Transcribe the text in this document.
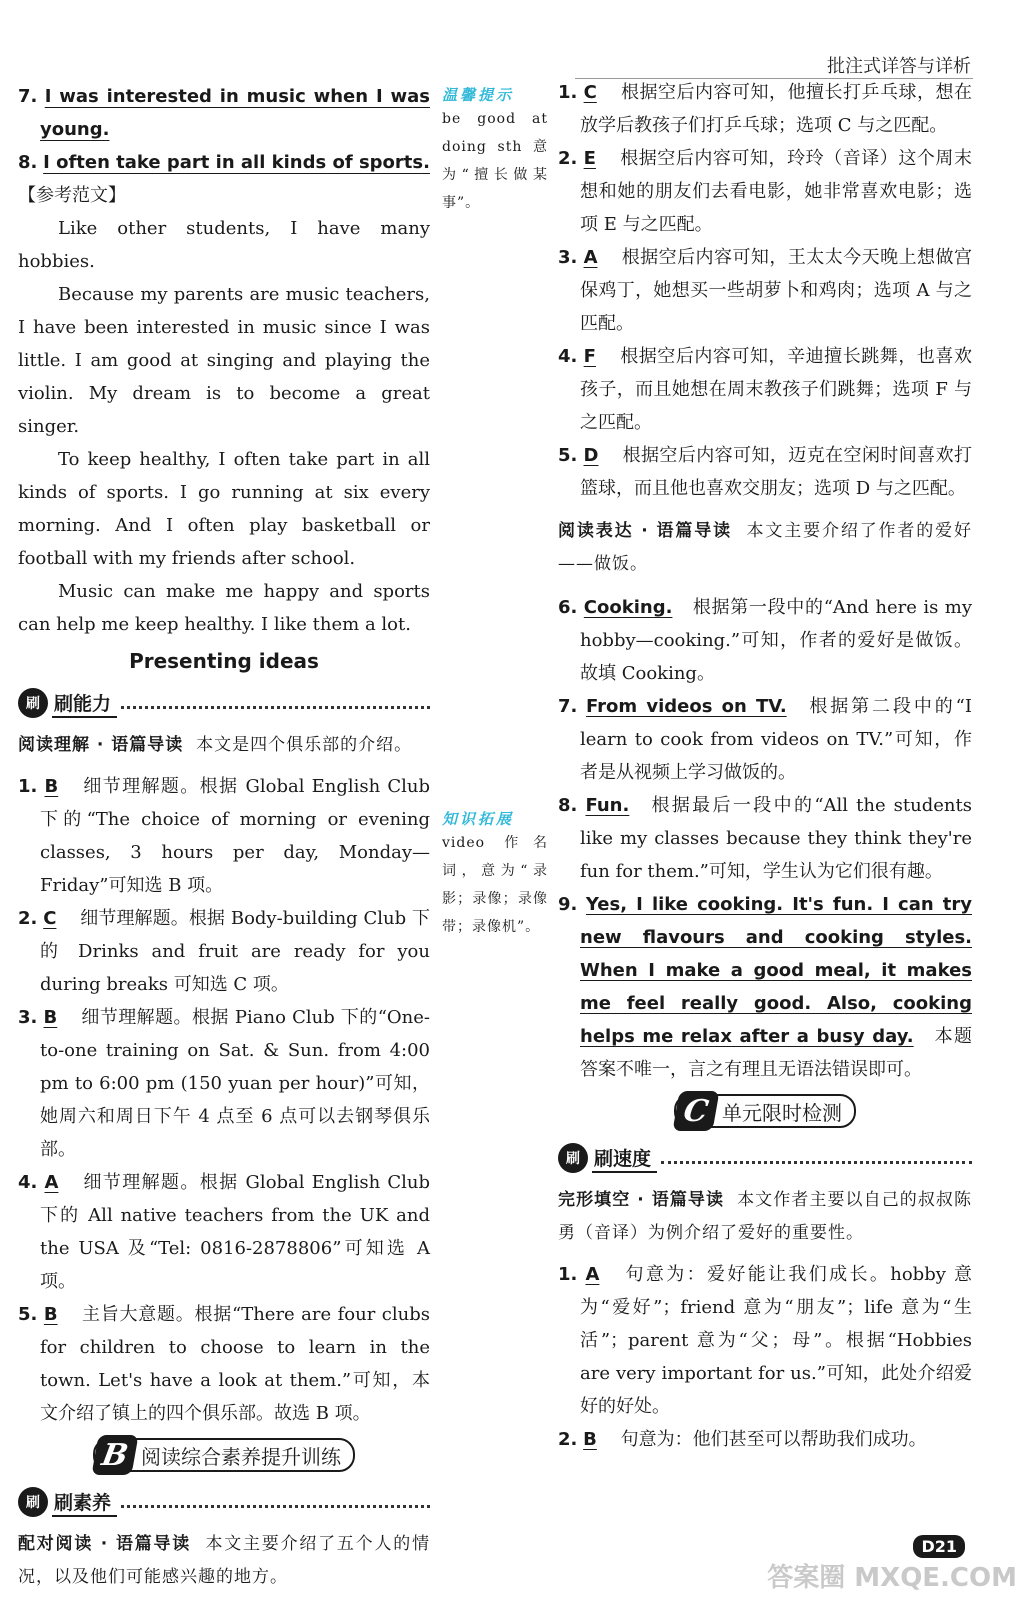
批注式详答与详析
7. I was interested in music when I was young.
8. I often take part in all kinds of sports.

【参考范文】

Like other students, I have many hobbies.

Because my parents are music teachers, I have been interested in music since I was little. I am good at singing and playing the violin. My dream is to become a great singer.

To keep healthy, I often take part in all kinds of sports. I go running at six every morning. And I often play basketball or football with my friends after school.

Music can make me happy and sports can help me keep healthy. I like them a lot.

Presenting ideas
刷 刷能力

阅读理解 · 语篇导读 本文是四个俱乐部的介绍。

1. B 细节理解题。根据 Global English Club 下的“The choice of morning or evening classes, 3 hours per day, Monday—Friday”可知选 B 项。
2. C 细节理解题。根据 Body-building Club 下的 Drinks and fruit are ready for you during breaks 可知选 C 项。
3. B 细节理解题。根据 Piano Club 下的“One-to-one training on Sat. & Sun. from 4:00 pm to 6:00 pm (150 yuan per hour)”可知，她周六和周日下午 4 点至 6 点可以去钢琴俱乐部。
4. A 细节理解题。根据 Global English Club 下的 All native teachers from the UK and the USA 及“Tel: 0816-2878806”可知选 A 项。
5. B 主旨大意题。根据“There are four clubs for children to choose to learn in the town. Let's have a look at them.”可知，本文介绍了镇上的四个俱乐部。故选 B 项。
B 阅读综合素养提升训练
刷 刷素养

配对阅读 · 语篇导读 本文主要介绍了五个人的情况，以及他们可能感兴趣的地方。

温馨提示
be good at doing sth 意为“擅长做某事”。
知识拓展
video 作名词，意为“录影；录像；录像带；录像机”。
1. C 根据空后内容可知，他擅长打乒乓球，想在放学后教孩子们打乒乓球；选项 C 与之匹配。
2. E 根据空后内容可知，玲玲（音译）这个周末想和她的朋友们去看电影，她非常喜欢电影；选项 E 与之匹配。
3. A 根据空后内容可知，王太太今天晚上想做宫保鸡丁，她想买一些胡萝卜和鸡肉；选项 A 与之匹配。
4. F 根据空后内容可知，辛迪擅长跳舞，也喜欢孩子，而且她想在周末教孩子们跳舞；选项 F 与之匹配。
5. D 根据空后内容可知，迈克在空闲时间喜欢打篮球，而且他也喜欢交朋友；选项 D 与之匹配。

阅读表达 · 语篇导读 本文主要介绍了作者的爱好——做饭。

6. Cooking. 根据第一段中的“And here is my hobby—cooking.”可知，作者的爱好是做饭。故填 Cooking。
7. From videos on TV. 根据第二段中的“I learn to cook from videos on TV.”可知，作者是从视频上学习做饭的。
8. Fun. 根据最后一段中的“All the students like my classes because they think they're fun for them.”可知，学生认为它们很有趣。
9. Yes, I like cooking. It's fun. I can try new flavours and cooking styles. When I make a good meal, it makes me feel really good. Also, cooking helps me relax after a busy day. 本题答案不唯一，言之有理且无语法错误即可。
C 单元限时检测
刷 刷速度

完形填空 · 语篇导读 本文作者主要以自己的叔叔陈勇（音译）为例介绍了爱好的重要性。

1. A 句意为：爱好能让我们成长。hobby 意为“爱好”；friend 意为“朋友”；life 意为“生活”；parent 意为“父；母”。根据“Hobbies are very important for us.”可知，此处介绍爱好的好处。
2. B 句意为：他们甚至可以帮助我们成功。
D21
答案圈 MXQE.COM
